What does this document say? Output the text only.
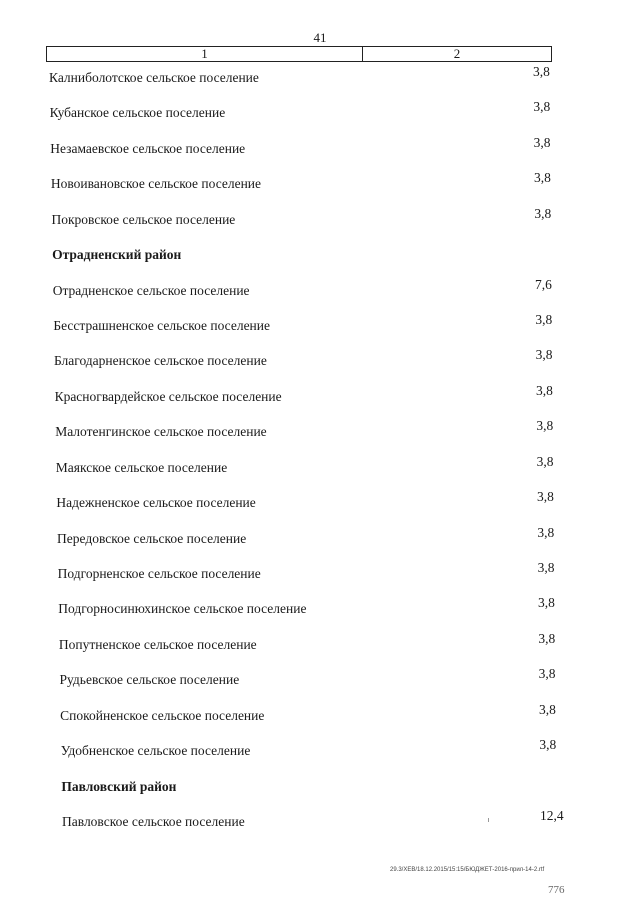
41
1	2
Калниболотское сельское поселение	3,8
Кубанское сельское поселение	3,8
Незамаевское сельское поселение	3,8
Новоивановское сельское поселение	3,8
Покровское сельское поселение	3,8
Отрадненский район
Отрадненское сельское поселение	7,6
Бесстрашненское сельское поселение	3,8
Благодарненское сельское поселение	3,8
Красногвардейское сельское поселение	3,8
Малотенгинское сельское поселение	3,8
Маякское сельское поселение	3,8
Надежненское сельское поселение	3,8
Передовское сельское поселение	3,8
Подгорненское сельское поселение	3,8
Подгорносинюхинское сельское поселение	3,8
Попутненское сельское поселение	3,8
Рудьевское сельское поселение	3,8
Спокойненское сельское поселение	3,8
Удобненское сельское поселение	3,8
Павловский район
Павловское сельское поселение	12,4
29.3/ХЕВ/18.12.2015/15:15/БЮДЖЕТ-2016-прил-14-2.rtf
776
